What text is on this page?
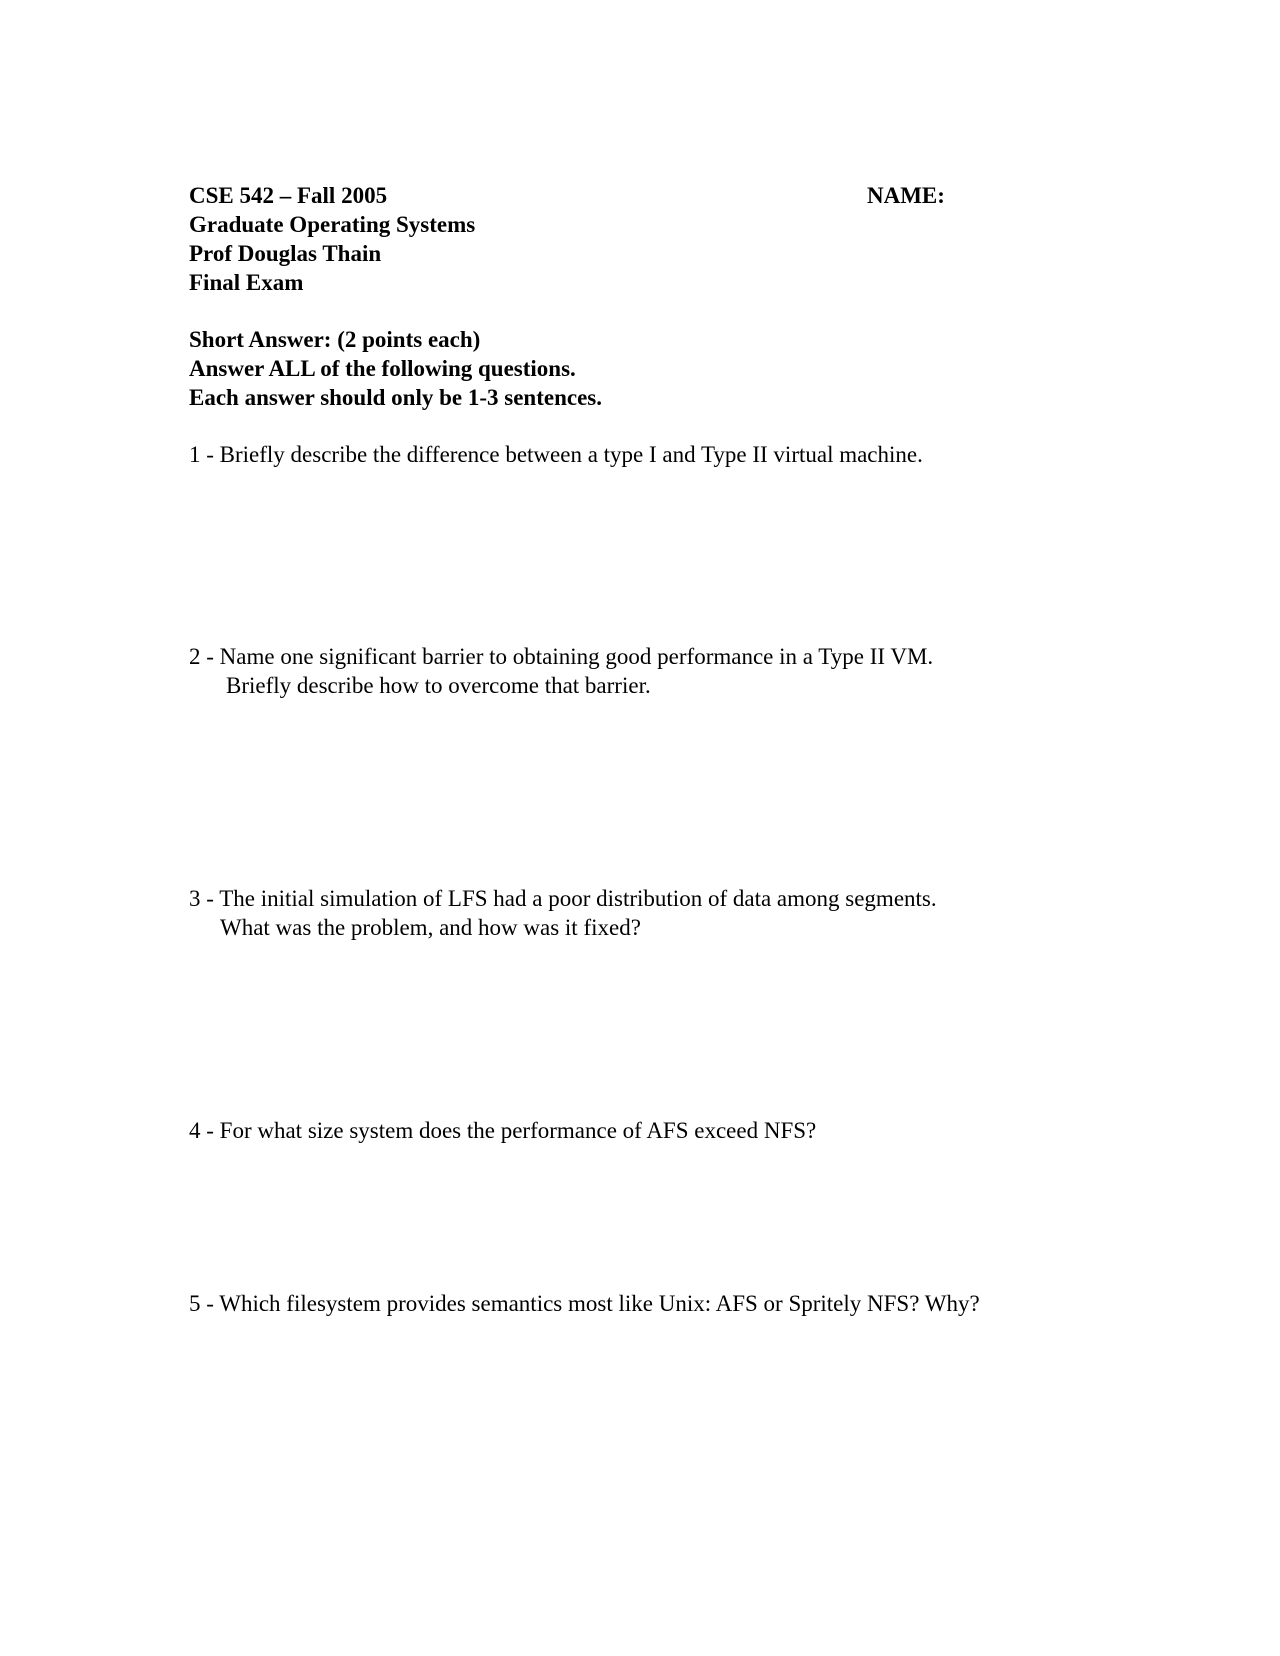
CSE 542 – Fall 2005	NAME:
Graduate Operating Systems
Prof Douglas Thain
Final Exam
Short Answer: (2 points each)
Answer ALL of the following questions.
Each answer should only be 1-3 sentences.
1 - Briefly describe the difference between a type I and Type II virtual machine.
2 - Name one significant barrier to obtaining good performance in a Type II VM.
Briefly describe how to overcome that barrier.
3 - The initial simulation of LFS had a poor distribution of data among segments.
What was the problem, and how was it fixed?
4 - For what size system does the performance of AFS exceed NFS?
5 - Which filesystem provides semantics most like Unix: AFS or Spritely NFS? Why?
